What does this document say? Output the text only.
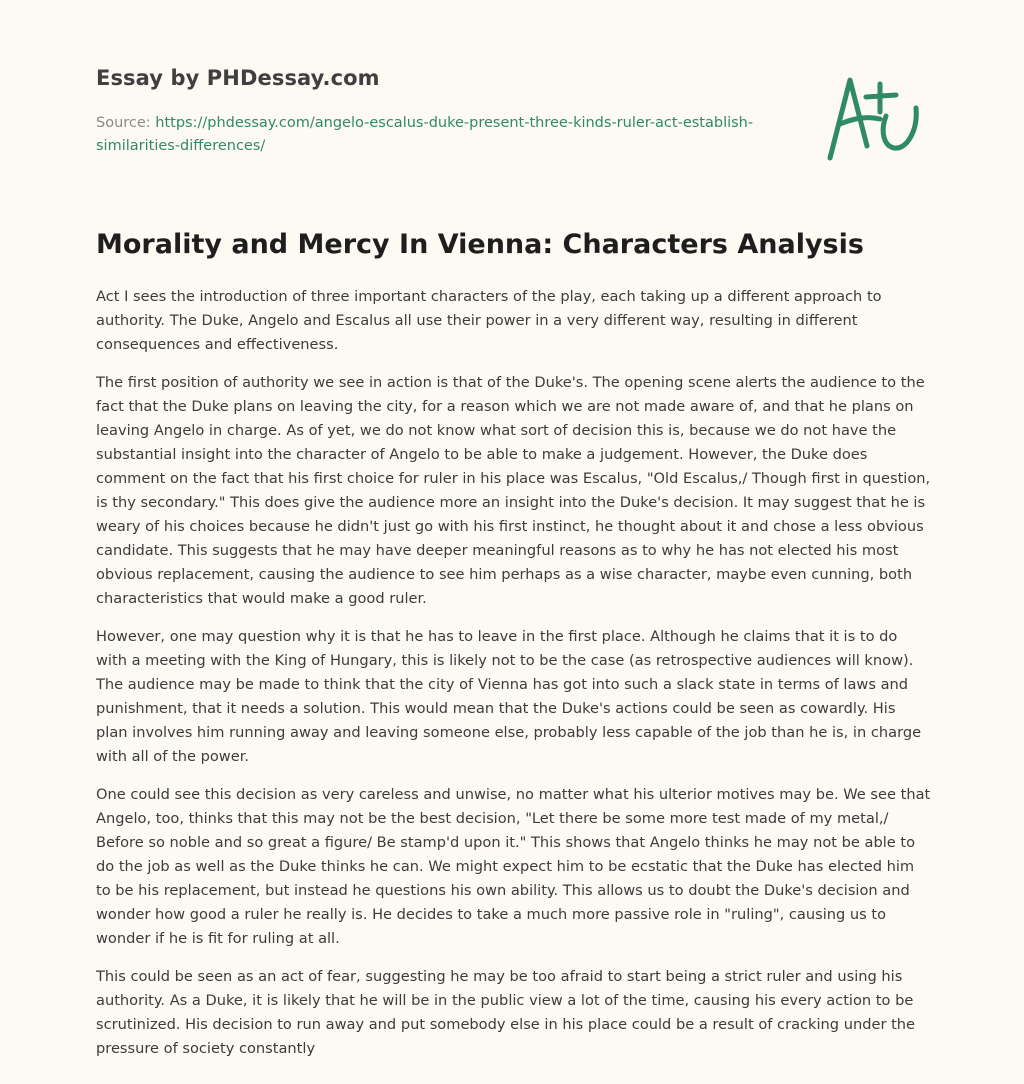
Essay by PHDessay.com
Source: https://phdessay.com/angelo-escalus-duke-present-three-kinds-ruler-act-establish-similarities-differences/
Morality and Mercy In Vienna: Characters Analysis

Act I sees the introduction of three important characters of the play, each taking up a different approach to authority. The Duke, Angelo and Escalus all use their power in a very different way, resulting in different consequences and effectiveness.

The first position of authority we see in action is that of the Duke's. The opening scene alerts the audience to the fact that the Duke plans on leaving the city, for a reason which we are not made aware of, and that he plans on leaving Angelo in charge. As of yet, we do not know what sort of decision this is, because we do not have the substantial insight into the character of Angelo to be able to make a judgement. However, the Duke does comment on the fact that his first choice for ruler in his place was Escalus, "Old Escalus,/ Though first in question, is thy secondary." This does give the audience more an insight into the Duke's decision. It may suggest that he is weary of his choices because he didn't just go with his first instinct, he thought about it and chose a less obvious candidate. This suggests that he may have deeper meaningful reasons as to why he has not elected his most obvious replacement, causing the audience to see him perhaps as a wise character, maybe even cunning, both characteristics that would make a good ruler.

However, one may question why it is that he has to leave in the first place. Although he claims that it is to do with a meeting with the King of Hungary, this is likely not to be the case (as retrospective audiences will know). The audience may be made to think that the city of Vienna has got into such a slack state in terms of laws and punishment, that it needs a solution. This would mean that the Duke's actions could be seen as cowardly. His plan involves him running away and leaving someone else, probably less capable of the job than he is, in charge with all of the power.

One could see this decision as very careless and unwise, no matter what his ulterior motives may be. We see that Angelo, too, thinks that this may not be the best decision, "Let there be some more test made of my metal,/ Before so noble and so great a figure/ Be stamp'd upon it." This shows that Angelo thinks he may not be able to do the job as well as the Duke thinks he can. We might expect him to be ecstatic that the Duke has elected him to be his replacement, but instead he questions his own ability. This allows us to doubt the Duke's decision and wonder how good a ruler he really is. He decides to take a much more passive role in "ruling", causing us to wonder if he is fit for ruling at all.

This could be seen as an act of fear, suggesting he may be too afraid to start being a strict ruler and using his authority. As a Duke, it is likely that he will be in the public view a lot of the time, causing his every action to be scrutinized. His decision to run away and put somebody else in his place could be a result of cracking under the pressure of society constantly
